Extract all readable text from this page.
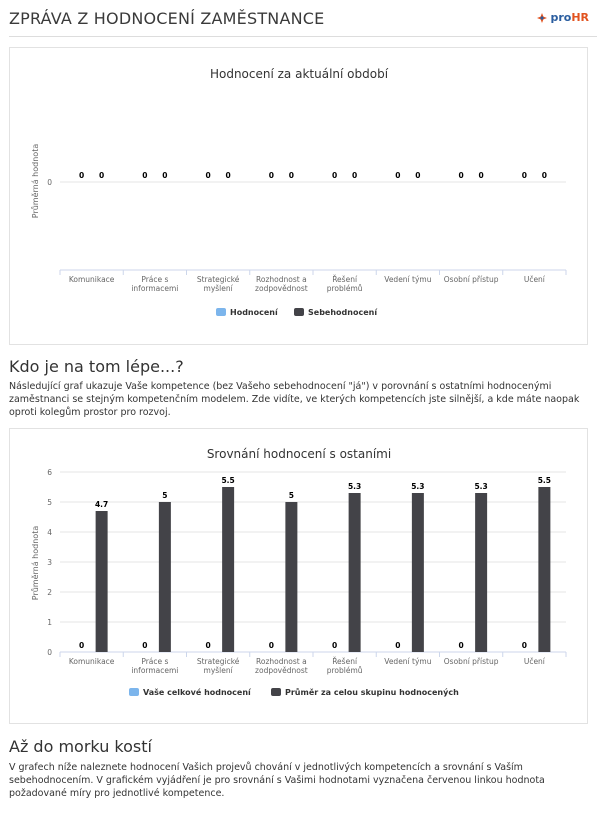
ZPRÁVA Z HODNOCENÍ ZAMĚSTNANCE	pro HR
Hodnocení za aktuální období
Průměrná hodnota 0
Komunikace	Práce s informacemi
Strategické myšlení
Rozhodnost a zodpovědnost
Řešení problémů
Vedení týmu Osobní přístup	Učení
0	0	0	0	0	0	0	0
0	0	0	0	0	0	0	0
Hodnocení	Sebehodnocení
Kdo je na tom lépe...?
Následující graf ukazuje Vaše kompetence (bez Vašeho sebehodnocení "já") v porovnání s ostatními hodnocenými zaměstnanci se stejným kompetenčním modelem. Zde vidíte, ve kterých kompetencích jste silnější, a kde máte naopak oproti kolegům prostor pro rozvoj.
Srovnání hodnocení s ostaními
Průměrná hodnota
0
1
2
3
4
5
6
Komunikace	Práce s informacemi
Strategické myšlení
Rozhodnost a zodpovědnost
Řešení problémů
Vedení týmu Osobní přístup	Učení
0	0	0	0	0	0	0	0
4.7
5
5.5
5
5.3	5.3	5.3
5.5
Vaše celkové hodnocení	Průměr za celou skupinu hodnocených
Až do morku kostí
V grafech níže naleznete hodnocení Vašich projevů chování v jednotlivých kompetencích a srovnání s Vaším sebehodnocením. V grafickém vyjádření je pro srovnání s Vašimi hodnotami vyznačena červenou linkou hodnota požadované míry pro jednotlivé kompetence.
